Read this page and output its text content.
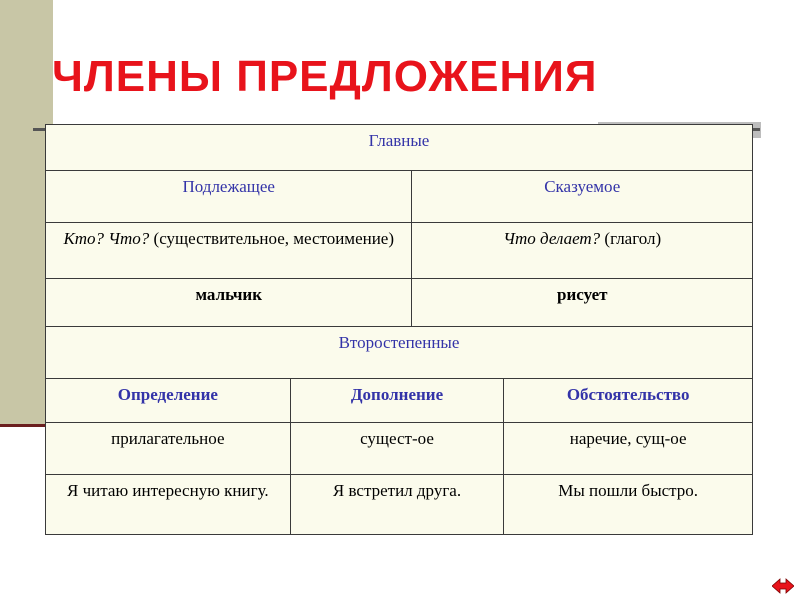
ЧЛЕНЫ ПРЕДЛОЖЕНИЯ
Главные			
Подлежащее		Сказуемое	
Кто? Что? (существительное, местоимение)		Что делает? (глагол)	
мальчик		рисует	
Второстепенные			
Определение	Дополнение		Обстоятельство
прилагательное	сущест-ое		наречие, сущ-ое
Я читаю интересную книгу.	Я встретил друга.		Мы пошли быстро.
